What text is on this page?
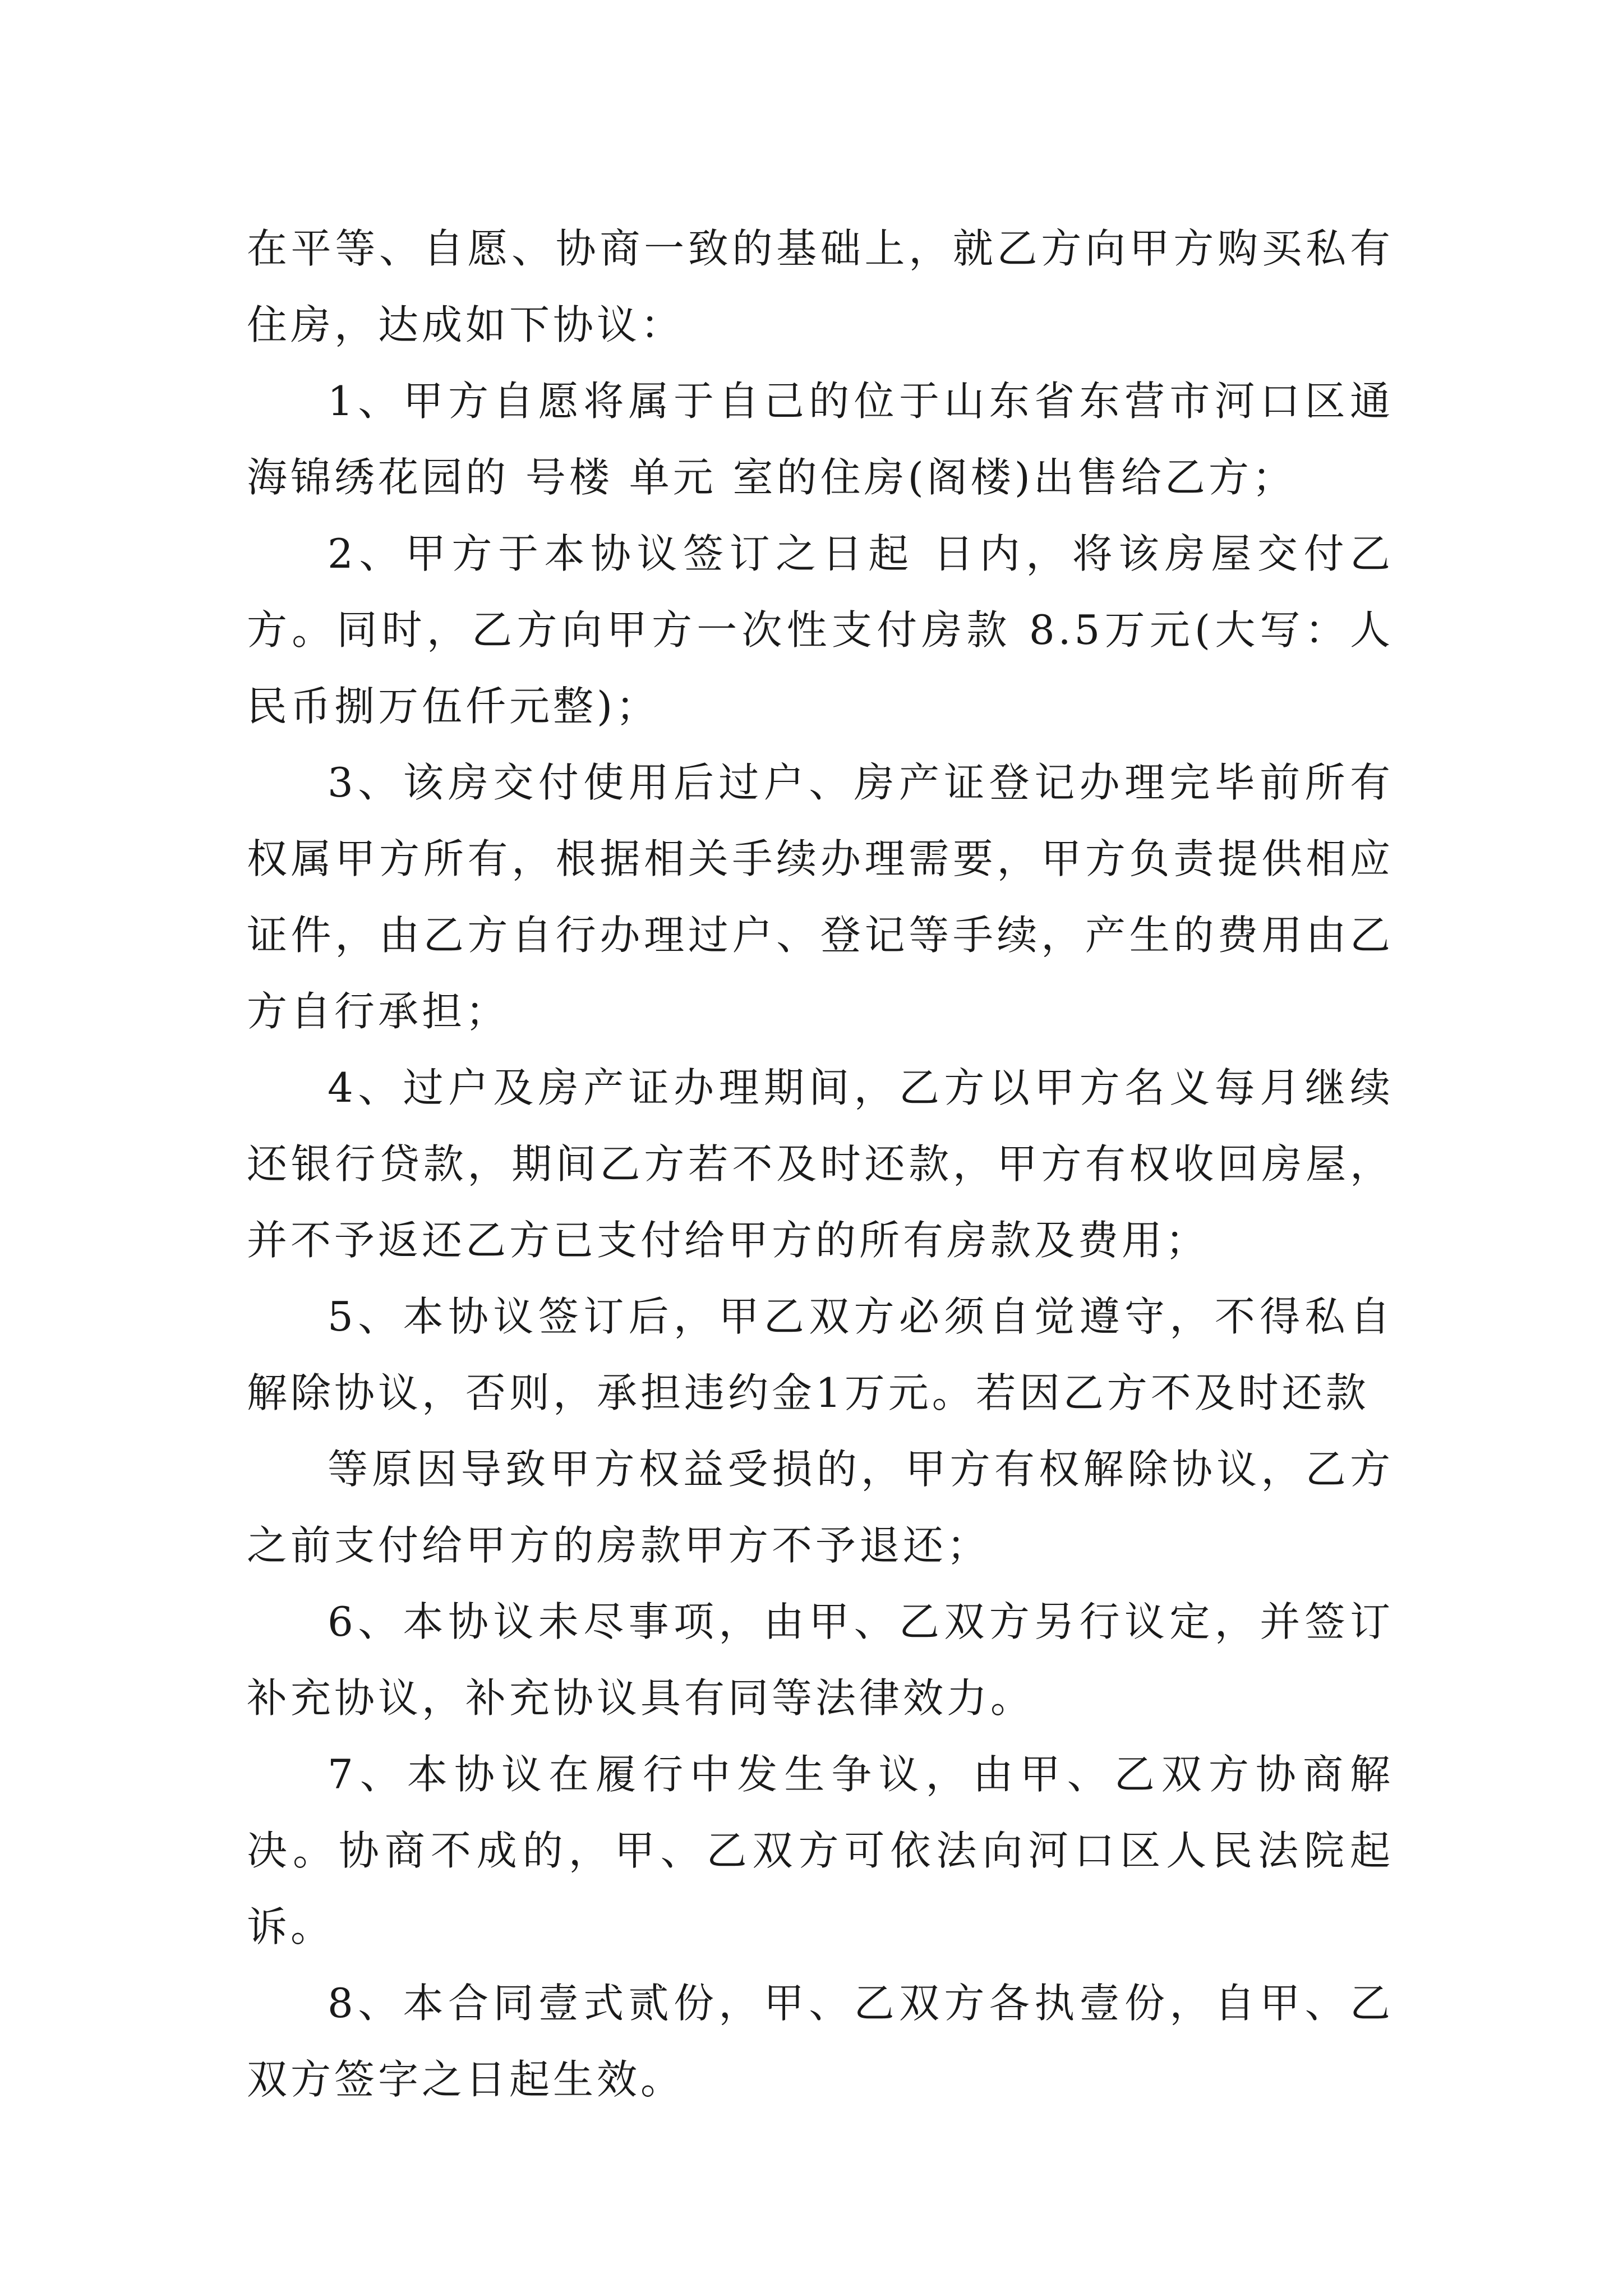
在平等、自愿、协商一致的基础上，就乙方向甲方购买私有住房，达成如下协议：

1、甲方自愿将属于自己的位于山东省东营市河口区通海锦绣花园的 号楼 单元 室的住房(阁楼)出售给乙方；

2、甲方于本协议签订之日起 日内，将该房屋交付乙方。同时，乙方向甲方一次性支付房款 8.5万元(大写：人民币捌万伍仟元整)；

3、该房交付使用后过户、房产证登记办理完毕前所有权属甲方所有，根据相关手续办理需要，甲方负责提供相应证件，由乙方自行办理过户、登记等手续，产生的费用由乙方自行承担；

4、过户及房产证办理期间，乙方以甲方名义每月继续还银行贷款，期间乙方若不及时还款，甲方有权收回房屋，并不予返还乙方已支付给甲方的所有房款及费用；

5、本协议签订后，甲乙双方必须自觉遵守，不得私自解除协议，否则，承担违约金1万元。若因乙方不及时还款

等原因导致甲方权益受损的，甲方有权解除协议，乙方之前支付给甲方的房款甲方不予退还；

6、本协议未尽事项，由甲、乙双方另行议定，并签订补充协议，补充协议具有同等法律效力。

7、本协议在履行中发生争议，由甲、乙双方协商解决。协商不成的，甲、乙双方可依法向河口区人民法院起诉。

8、本合同壹式贰份，甲、乙双方各执壹份，自甲、乙双方签字之日起生效。
